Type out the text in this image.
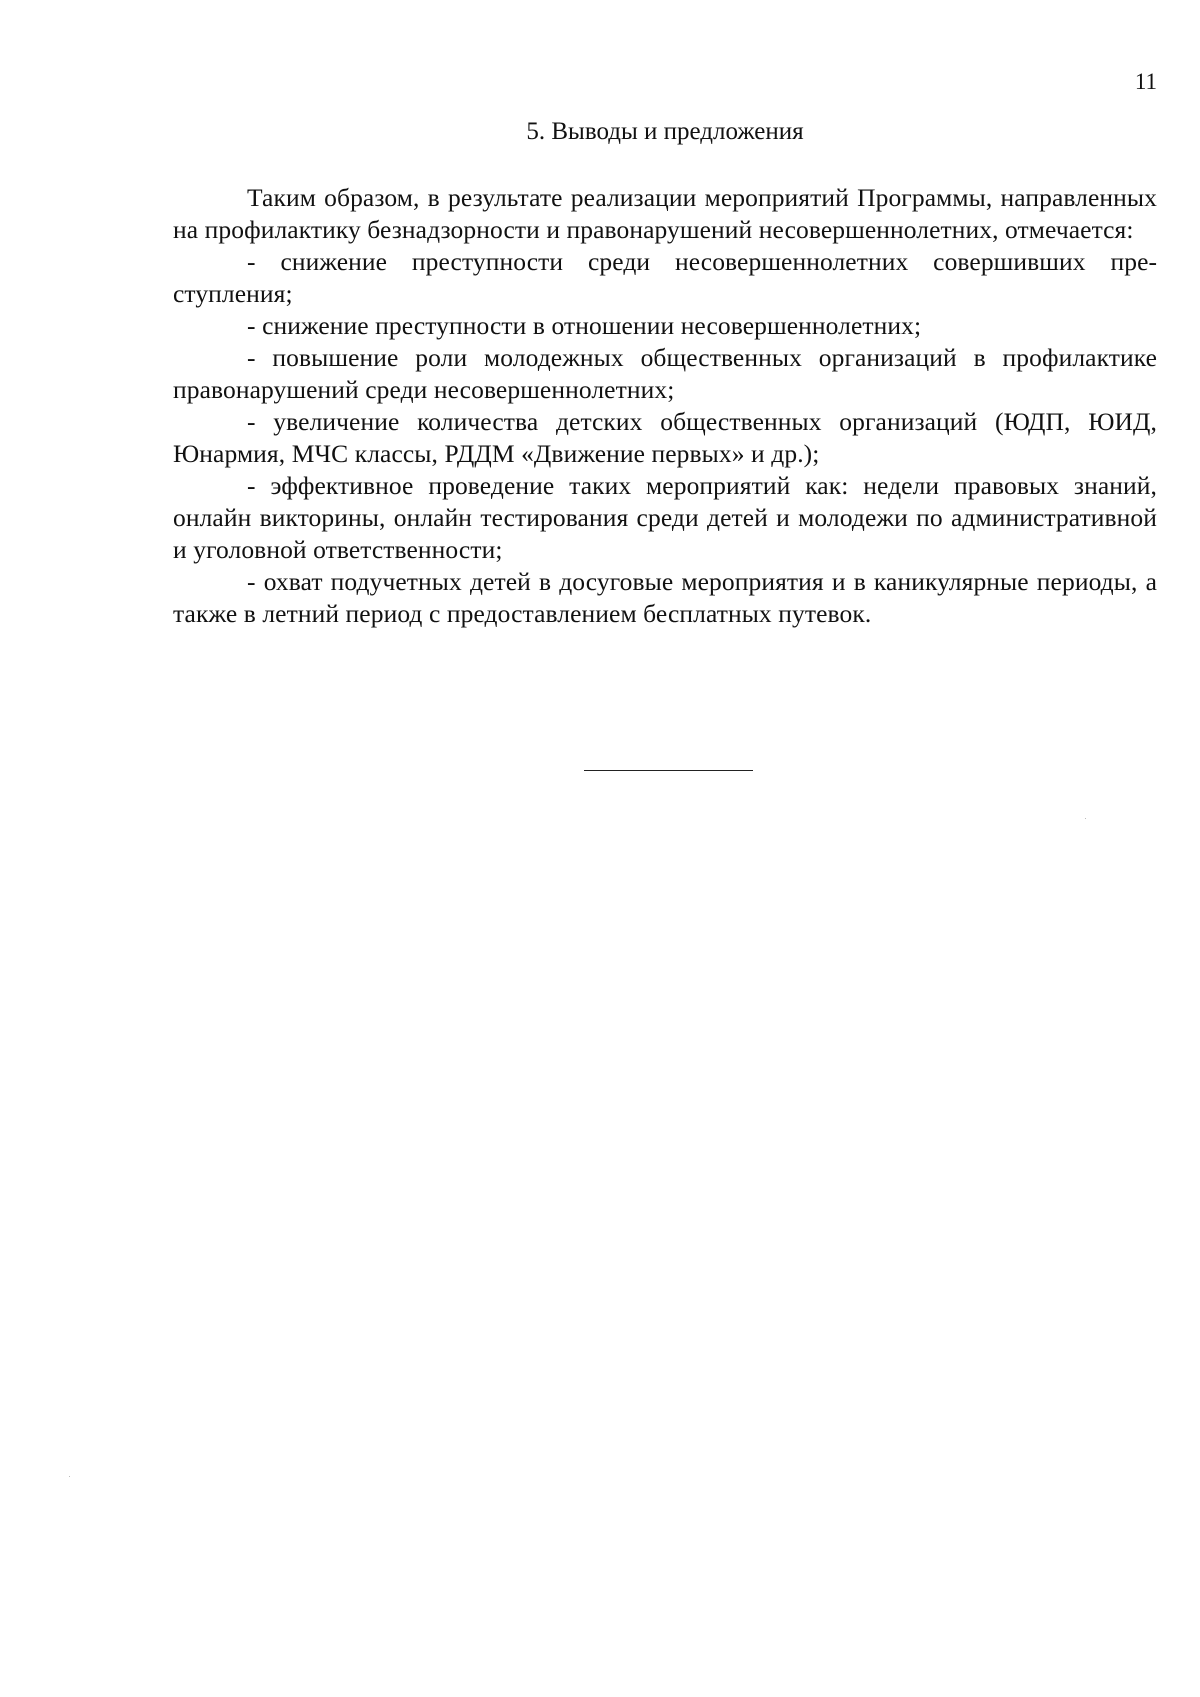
11
5. Выводы и предложения

Таким образом, в результате реализации мероприятий Программы, направленных на профилактику безнадзорности и правонарушений несовершеннолетних, отмечается:

- снижение преступности среди несовершеннолетних совершивших преступления;

- снижение преступности в отношении несовершеннолетних;

- повышение роли молодежных общественных организаций в профилактике правонарушений среди несовершеннолетних;

- увеличение количества детских общественных организаций (ЮДП, ЮИД, Юнармия, МЧС классы, РДДМ «Движение первых» и др.);

- эффективное проведение таких мероприятий как: недели правовых знаний, онлайн викторины, онлайн тестирования среди детей и молодежи по административной и уголовной ответственности;

- охват подучетных детей в досуговые мероприятия и в каникулярные периоды, а также в летний период с предоставлением бесплатных путевок.
